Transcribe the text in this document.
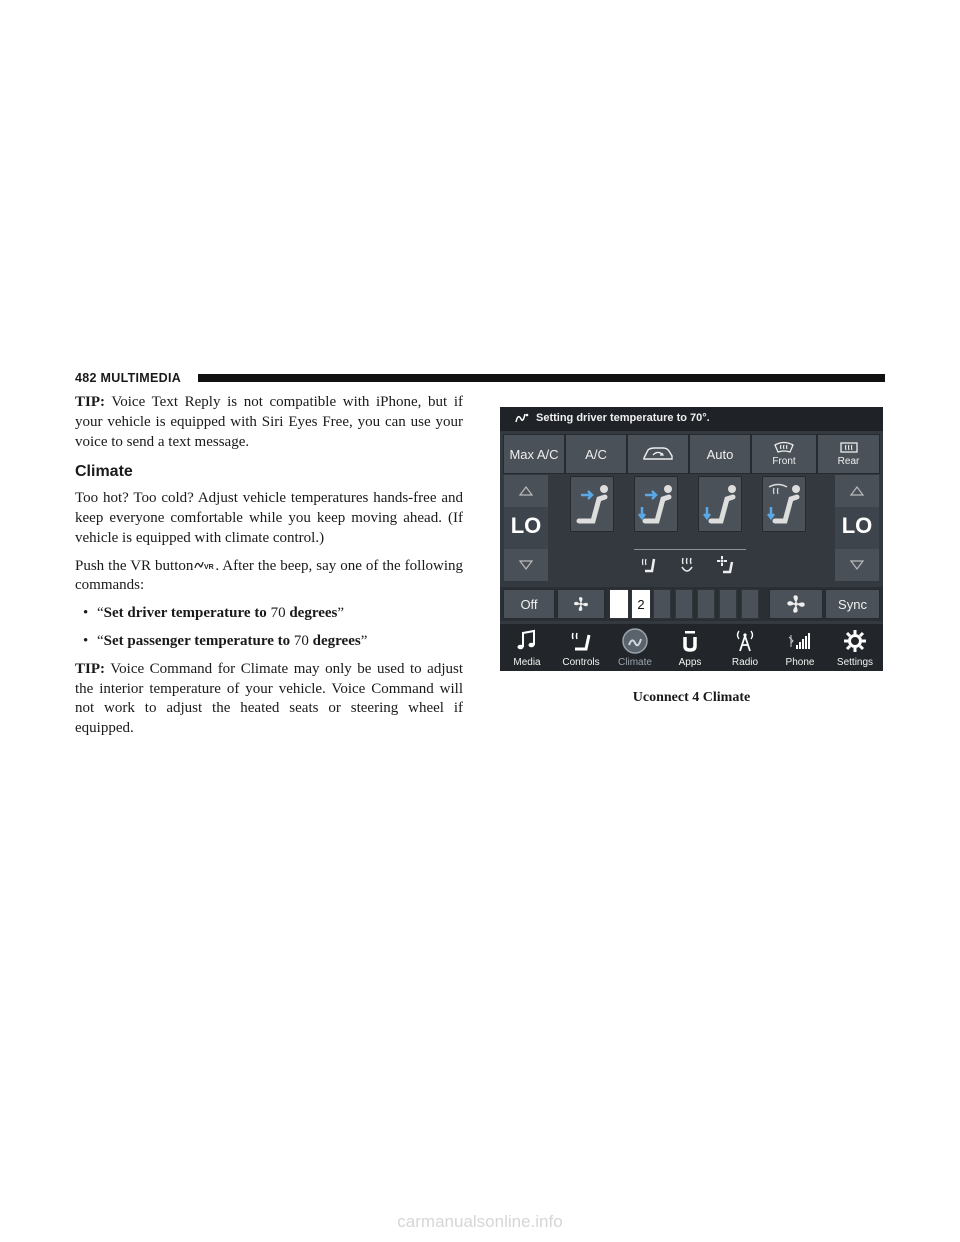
482 MULTIMEDIA

TIP: Voice Text Reply is not compatible with iPhone, but if your vehicle is equipped with Siri Eyes Free, you can use your voice to send a text message.

Climate

Too hot? Too cold? Adjust vehicle temperatures hands-free and keep everyone comfortable while you keep moving ahead. (If vehicle is equipped with climate control.)

Push the VR button VR . After the beep, say one of the following commands:

• “Set driver temperature to 70 degrees”

• “Set passenger temperature to 70 degrees”

TIP: Voice Command for Climate may only be used to adjust the interior temperature of your vehicle. Voice Command will not work to adjust the heated seats or steering wheel if equipped.

Setting driver temperature to 70°.
Max A/C A/C	Auto	Front	Rear
LO	LO
Off	2	Sync
Media	Controls	Climate	Apps	Radio	Phone	Settings
Uconnect 4 Climate
carmanualsonline.info
